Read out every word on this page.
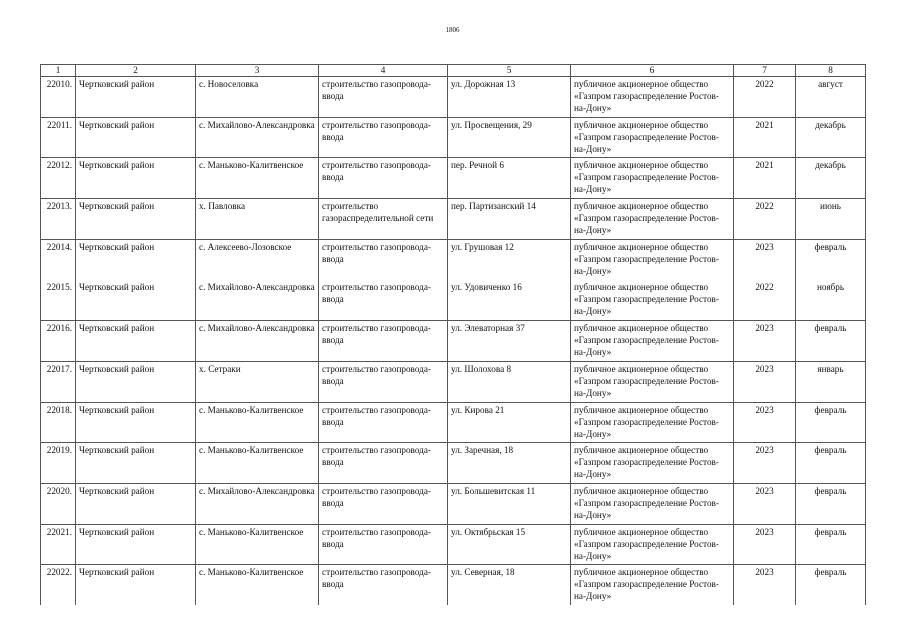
1806
1	2	3	4	5	6	7	8
22010.	Чертковский район	с. Новоселовка	строительство газопровода-ввода	ул. Дорожная 13	публичное акционерное общество «Газпром газораспределение Ростов-на-Дону»	2022	август
22011.	Чертковский район	с. Михайлово-Александровка	строительство газопровода-ввода	ул. Просвещения, 29	публичное акционерное общество «Газпром газораспределение Ростов-на-Дону»	2021	декабрь
22012.	Чертковский район	с. Маньково-Калитвенское	строительство газопровода-ввода	пер. Речной 6	публичное акционерное общество «Газпром газораспределение Ростов-на-Дону»	2021	декабрь
22013.	Чертковский район	х. Павловка	строительство газораспределительной сети	пер. Партизанский 14	публичное акционерное общество «Газпром газораспределение Ростов-на-Дону»	2022	июнь
22014.	Чертковский район	с. Алексеево-Лозовское	строительство газопровода-ввода	ул. Грушовая 12	публичное акционерное общество «Газпром газораспределение Ростов-на-Дону»	2023	февраль
22015.	Чертковский район	с. Михайлово-Александровка	строительство газопровода-ввода	ул. Удовиченко 16	публичное акционерное общество «Газпром газораспределение Ростов-на-Дону»	2022	ноябрь
22016.	Чертковский район	с. Михайлово-Александровка	строительство газопровода-ввода	ул. Элеваторная 37	публичное акционерное общество «Газпром газораспределение Ростов-на-Дону»	2023	февраль
22017.	Чертковский район	х. Сетраки	строительство газопровода-ввода	ул. Шолохова 8	публичное акционерное общество «Газпром газораспределение Ростов-на-Дону»	2023	январь
22018.	Чертковский район	с. Маньково-Калитвенское	строительство газопровода-ввода	ул. Кирова 21	публичное акционерное общество «Газпром газораспределение Ростов-на-Дону»	2023	февраль
22019.	Чертковский район	с. Маньково-Калитвенское	строительство газопровода-ввода	ул. Заречная, 18	публичное акционерное общество «Газпром газораспределение Ростов-на-Дону»	2023	февраль
22020.	Чертковский район	с. Михайлово-Александровка	строительство газопровода-ввода	ул. Большевитская 11	публичное акционерное общество «Газпром газораспределение Ростов-на-Дону»	2023	февраль
22021.	Чертковский район	с. Маньково-Калитвенское	строительство газопровода-ввода	ул. Октябрьская 15	публичное акционерное общество «Газпром газораспределение Ростов-на-Дону»	2023	февраль
22022.	Чертковский район	с. Маньково-Калитвенское	строительство газопровода-ввода	ул. Северная, 18	публичное акционерное общество «Газпром газораспределение Ростов-на-Дону»	2023	февраль
